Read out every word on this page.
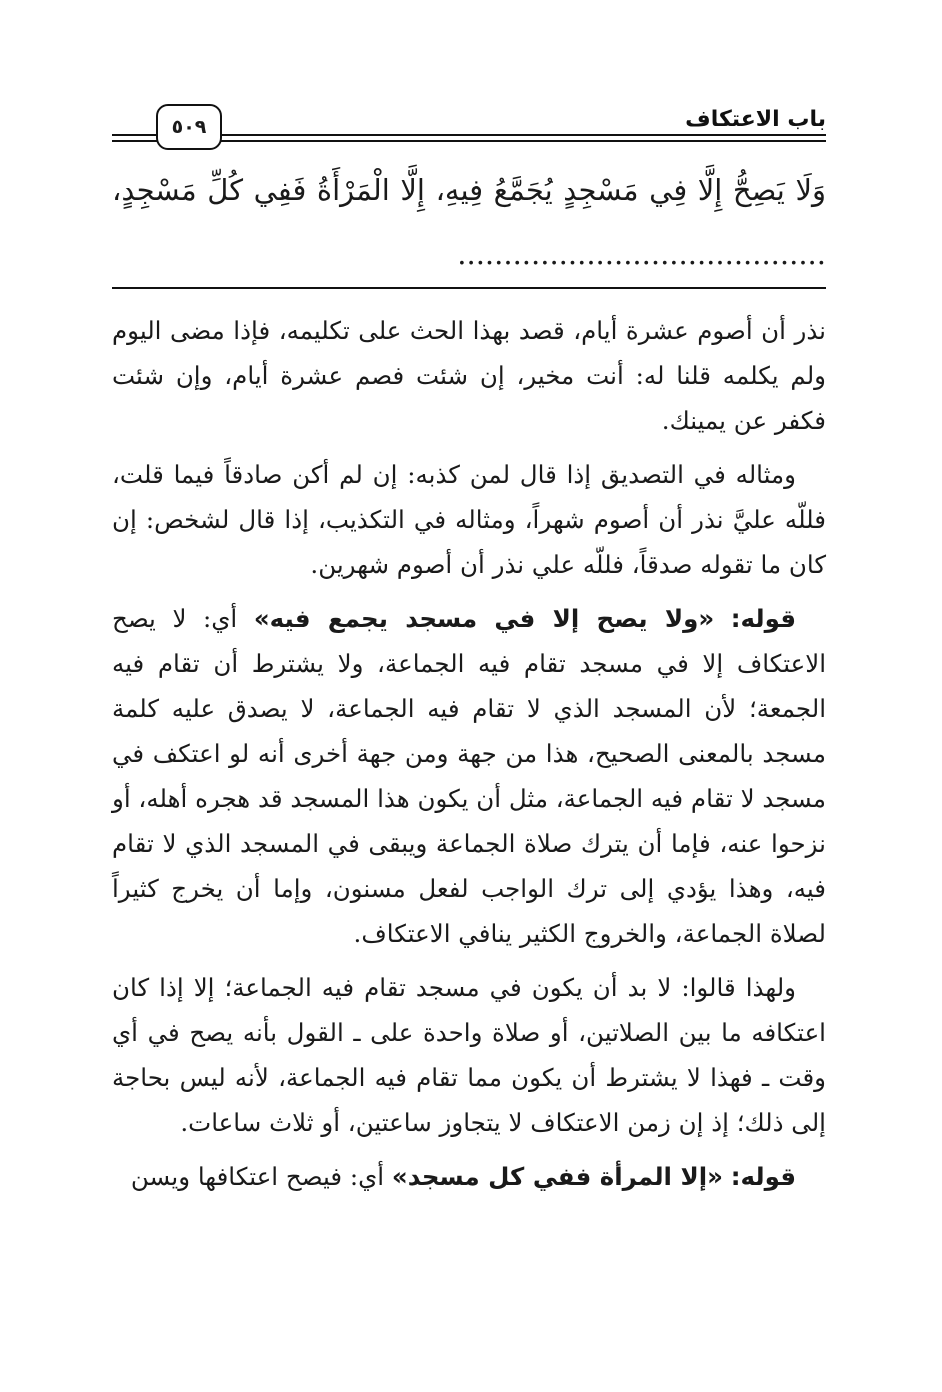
باب الاعتكاف
٥٠٩
وَلَا يَصِحُّ إِلَّا فِي مَسْجِدٍ يُجَمَّعُ فِيهِ، إِلَّا الْمَرْأَةُ فَفِي كُلِّ مَسْجِدٍ، ........................................

نذر أن أصوم عشرة أيام، قصد بهذا الحث على تكليمه، فإذا مضى اليوم ولم يكلمه قلنا له: أنت مخير، إن شئت فصم عشرة أيام، وإن شئت فكفر عن يمينك.

ومثاله في التصديق إذا قال لمن كذبه: إن لم أكن صادقاً فيما قلت، فللّه عليَّ نذر أن أصوم شهراً، ومثاله في التكذيب، إذا قال لشخص: إن كان ما تقوله صدقاً، فللّه علي نذر أن أصوم شهرين.

قوله: «ولا يصح إلا في مسجد يجمع فيه» أي: لا يصح الاعتكاف إلا في مسجد تقام فيه الجماعة، ولا يشترط أن تقام فيه الجمعة؛ لأن المسجد الذي لا تقام فيه الجماعة، لا يصدق عليه كلمة مسجد بالمعنى الصحيح، هذا من جهة ومن جهة أخرى أنه لو اعتكف في مسجد لا تقام فيه الجماعة، مثل أن يكون هذا المسجد قد هجره أهله، أو نزحوا عنه، فإما أن يترك صلاة الجماعة ويبقى في المسجد الذي لا تقام فيه، وهذا يؤدي إلى ترك الواجب لفعل مسنون، وإما أن يخرج كثيراً لصلاة الجماعة، والخروج الكثير ينافي الاعتكاف.

ولهذا قالوا: لا بد أن يكون في مسجد تقام فيه الجماعة؛ إلا إذا كان اعتكافه ما بين الصلاتين، أو صلاة واحدة على ـ القول بأنه يصح في أي وقت ـ فهذا لا يشترط أن يكون مما تقام فيه الجماعة، لأنه ليس بحاجة إلى ذلك؛ إذ إن زمن الاعتكاف لا يتجاوز ساعتين، أو ثلاث ساعات.

قوله: «إلا المرأة ففي كل مسجد» أي: فيصح اعتكافها ويسن
